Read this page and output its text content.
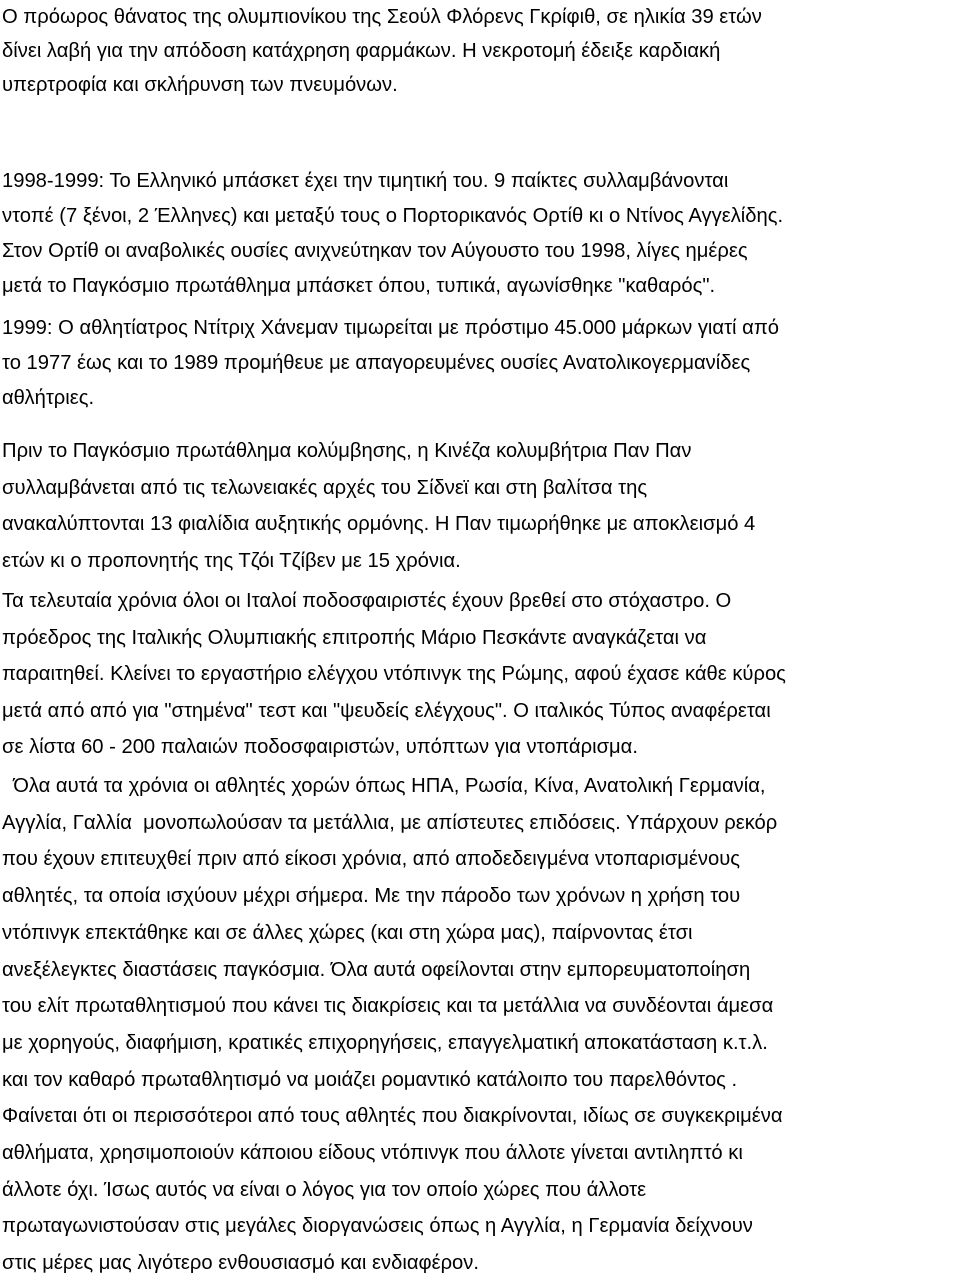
Ο πρόωρος θάνατος της ολυμπιονίκου της Σεούλ Φλόρενς Γκρίφιθ, σε ηλικία 39 ετών
δίνει λαβή για την απόδοση κατάχρηση φαρμάκων. Η νεκροτομή έδειξε καρδιακή
υπερτροφία και σκλήρυνση των πνευμόνων.

1998-1999: Το Ελληνικό μπάσκετ έχει την τιμητική του. 9 παίκτες συλλαμβάνονται
ντοπέ (7 ξένοι, 2 Έλληνες) και μεταξύ τους ο Πορτορικανός Ορτίθ κι ο Ντίνος Αγγελίδης.
Στον Ορτίθ οι αναβολικές ουσίες ανιχνεύτηκαν τον Αύγουστο του 1998, λίγες ημέρες
μετά το Παγκόσμιο πρωτάθλημα μπάσκετ όπου, τυπικά, αγωνίσθηκε "καθαρός".

1999: Ο αθλητίατρος Ντίτριχ Χάνεμαν τιμωρείται με πρόστιμο 45.000 μάρκων γιατί από
το 1977 έως και το 1989 προμήθευε με απαγορευμένες ουσίες Ανατολικογερμανίδες
αθλήτριες.

Πριν το Παγκόσμιο πρωτάθλημα κολύμβησης, η Κινέζα κολυμβήτρια Παν Παν
συλλαμβάνεται από τις τελωνειακές αρχές του Σίδνεϊ και στη βαλίτσα της
ανακαλύπτονται 13 φιαλίδια αυξητικής ορμόνης. Η Παν τιμωρήθηκε με αποκλεισμό 4
ετών κι ο προπονητής της Τζόι Τζίβεν με 15 χρόνια.

Τα τελευταία χρόνια όλοι οι Ιταλοί ποδοσφαιριστές έχουν βρεθεί στο στόχαστρο. Ο
πρόεδρος της Ιταλικής Ολυμπιακής επιτροπής Μάριο Πεσκάντε αναγκάζεται να
παραιτηθεί. Κλείνει το εργαστήριο ελέγχου ντόπινγκ της Ρώμης, αφού έχασε κάθε κύρος
μετά από από για "στημένα" τεστ και "ψευδείς ελέγχους". Ο ιταλικός Τύπος αναφέρεται
σε λίστα 60 - 200 παλαιών ποδοσφαιριστών, υπόπτων για ντοπάρισμα.

Όλα αυτά τα χρόνια οι αθλητές χορών όπως ΗΠΑ, Ρωσία, Κίνα, Ανατολική Γερμανία,
Αγγλία, Γαλλία  μονοπωλούσαν τα μετάλλια, με απίστευτες επιδόσεις. Υπάρχουν ρεκόρ
που έχουν επιτευχθεί πριν από είκοσι χρόνια, από αποδεδειγμένα ντοπαρισμένους
αθλητές, τα οποία ισχύουν μέχρι σήμερα. Με την πάροδο των χρόνων η χρήση του
ντόπινγκ επεκτάθηκε και σε άλλες χώρες (και στη χώρα μας), παίρνοντας έτσι
ανεξέλεγκτες διαστάσεις παγκόσμια. Όλα αυτά οφείλονται στην εμπορευματοποίηση
του ελίτ πρωταθλητισμού που κάνει τις διακρίσεις και τα μετάλλια να συνδέονται άμεσα
με χορηγούς, διαφήμιση, κρατικές επιχορηγήσεις, επαγγελματική αποκατάσταση κ.τ.λ.
και τον καθαρό πρωταθλητισμό να μοιάζει ρομαντικό κατάλοιπο του παρελθόντος .
Φαίνεται ότι οι περισσότεροι από τους αθλητές που διακρίνονται, ιδίως σε συγκεκριμένα
αθλήματα, χρησιμοποιούν κάποιου είδους ντόπινγκ που άλλοτε γίνεται αντιληπτό κι
άλλοτε όχι. Ίσως αυτός να είναι ο λόγος για τον οποίο χώρες που άλλοτε
πρωταγωνιστούσαν στις μεγάλες διοργανώσεις όπως η Αγγλία, η Γερμανία δείχνουν
στις μέρες μας λιγότερο ενθουσιασμό και ενδιαφέρον.
